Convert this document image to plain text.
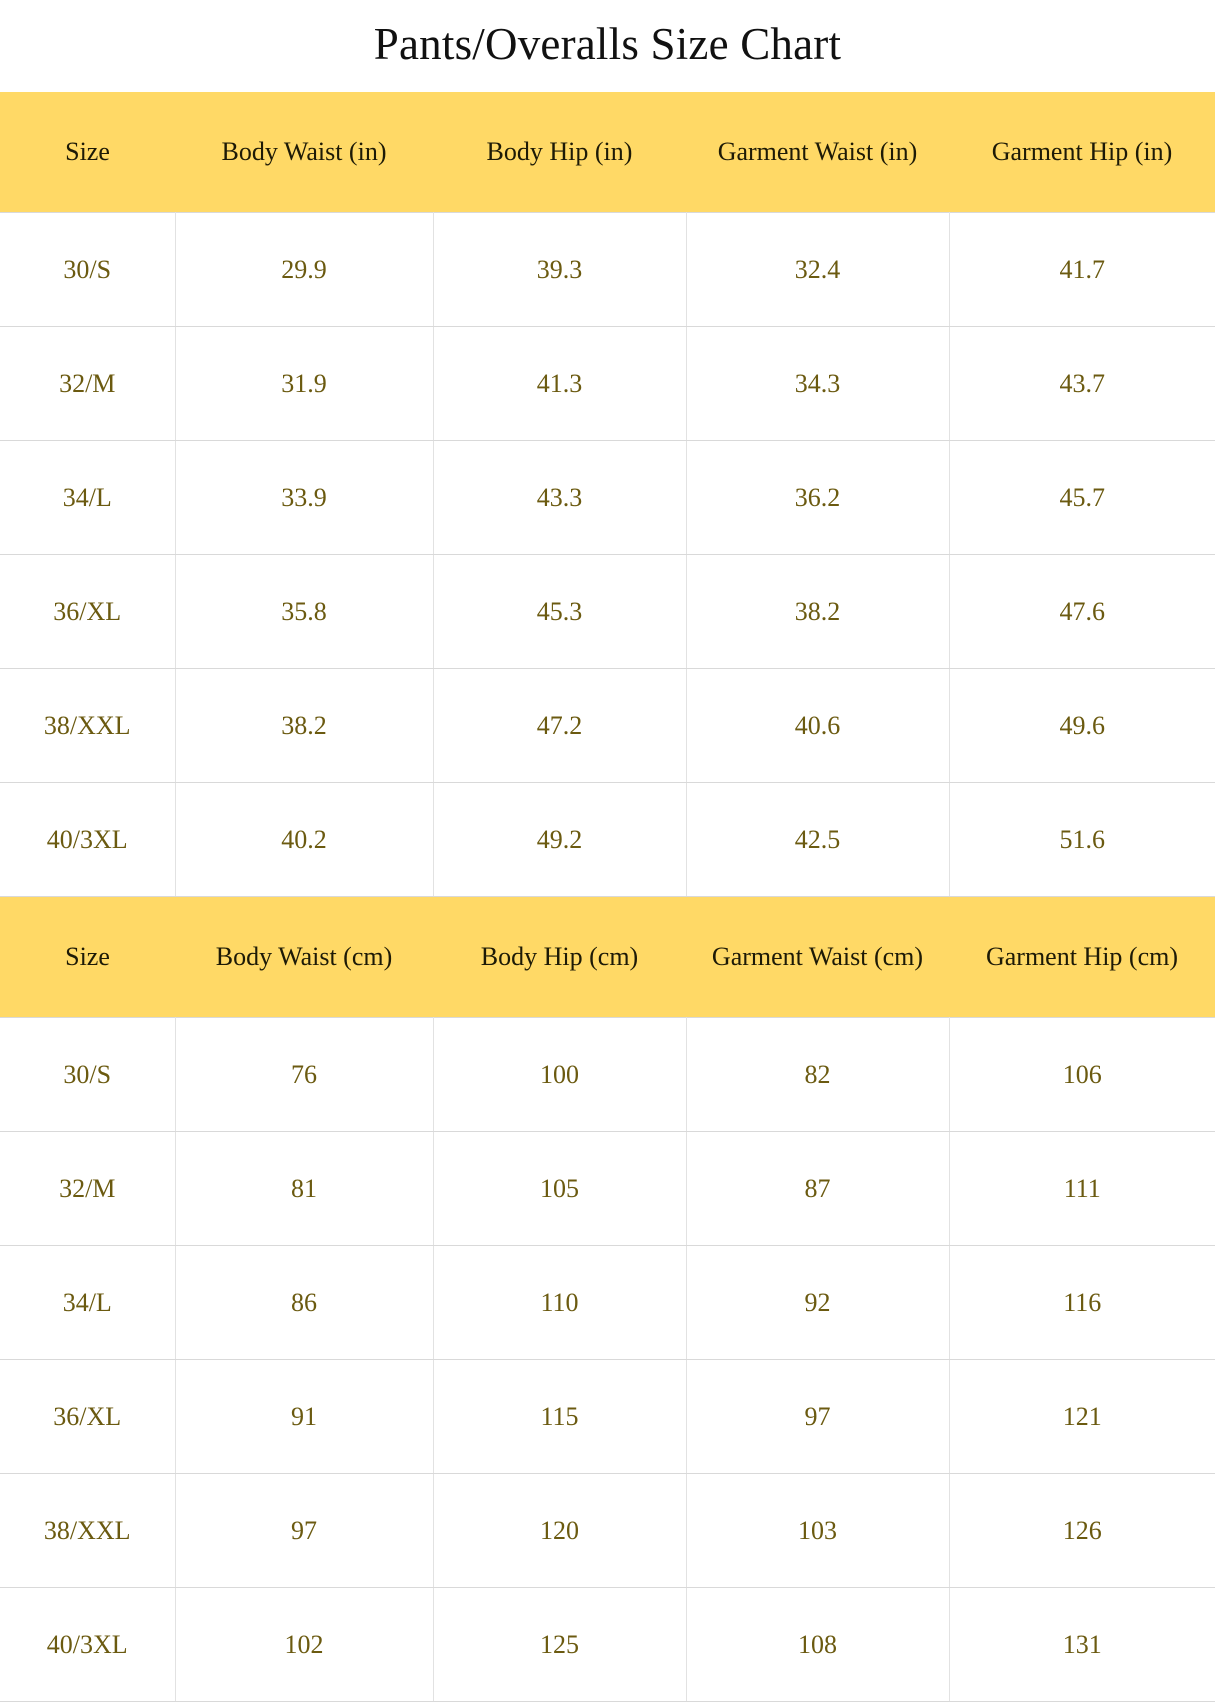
Pants/Overalls Size Chart
Size	Body Waist (in)	Body Hip (in)	Garment Waist (in)	Garment Hip (in)
30/S	29.9	39.3	32.4	41.7
32/M	31.9	41.3	34.3	43.7
34/L	33.9	43.3	36.2	45.7
36/XL	35.8	45.3	38.2	47.6
38/XXL	38.2	47.2	40.6	49.6
40/3XL	40.2	49.2	42.5	51.6
Size	Body Waist (cm)	Body Hip (cm)	Garment Waist (cm)	Garment Hip (cm)
30/S	76	100	82	106
32/M	81	105	87	111
34/L	86	110	92	116
36/XL	91	115	97	121
38/XXL	97	120	103	126
40/3XL	102	125	108	131
